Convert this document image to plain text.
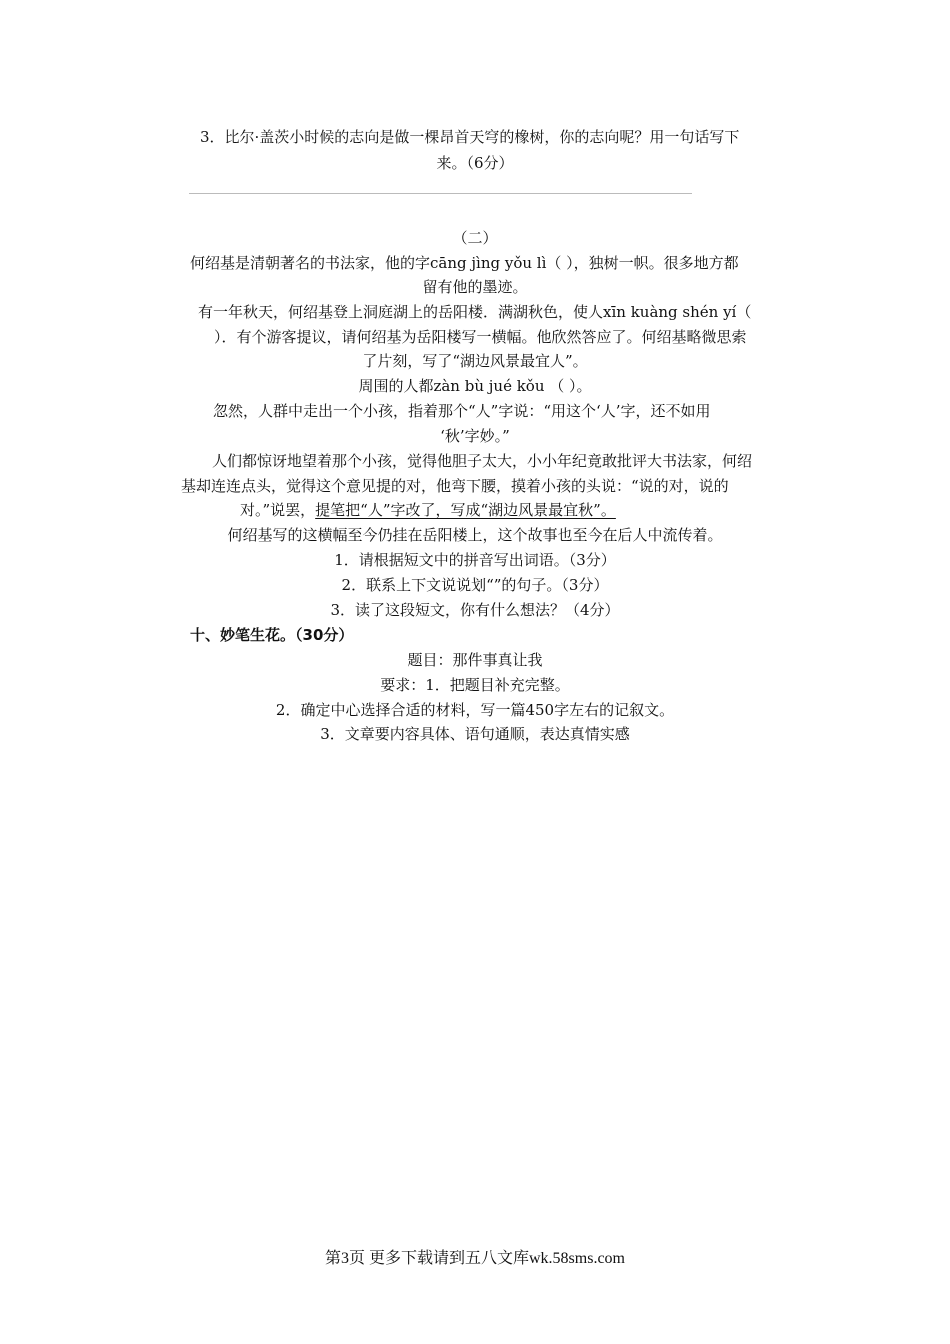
3．比尔·盖茨小时候的志向是做一棵昂首天穹的橡树，你的志向呢？用一句话写下
来。（6分）
（二）
何绍基是清朝著名的书法家，他的字cāng jìng yǒu lì（ ），独树一帜。很多地方都
留有他的墨迹。
有一年秋天，何绍基登上洞庭湖上的岳阳楼．满湖秋色，使人xīn kuàng shén yí（
）．有个游客提议，请何绍基为岳阳楼写一横幅。他欣然答应了。何绍基略微思索
了片刻，写了“湖边风景最宜人”。
周围的人都zàn bù jué kǒu （ ）。
忽然，人群中走出一个小孩，指着那个“人”字说：“用这个‘人’字，还不如用
‘秋’字妙。”
人们都惊讶地望着那个小孩，觉得他胆子太大，小小年纪竟敢批评大书法家，何绍
基却连连点头，觉得这个意见提的对，他弯下腰，摸着小孩的头说：“说的对，说的
对。”说罢，提笔把“人”字改了，写成“湖边风景最宜秋”。
何绍基写的这横幅至今仍挂在岳阳楼上，这个故事也至今在后人中流传着。
1．请根据短文中的拼音写出词语。（3分）
2．联系上下文说说划“”的句子。（3分）
3．读了这段短文，你有什么想法？（4分）
十、妙笔生花。（30分）
题目：那件事真让我
要求：1．把题目补充完整。
2．确定中心选择合适的材料，写一篇450字左右的记叙文。
3．文章要内容具体、语句通顺，表达真情实感
第3页 更多下载请到五八文库wk.58sms.com
